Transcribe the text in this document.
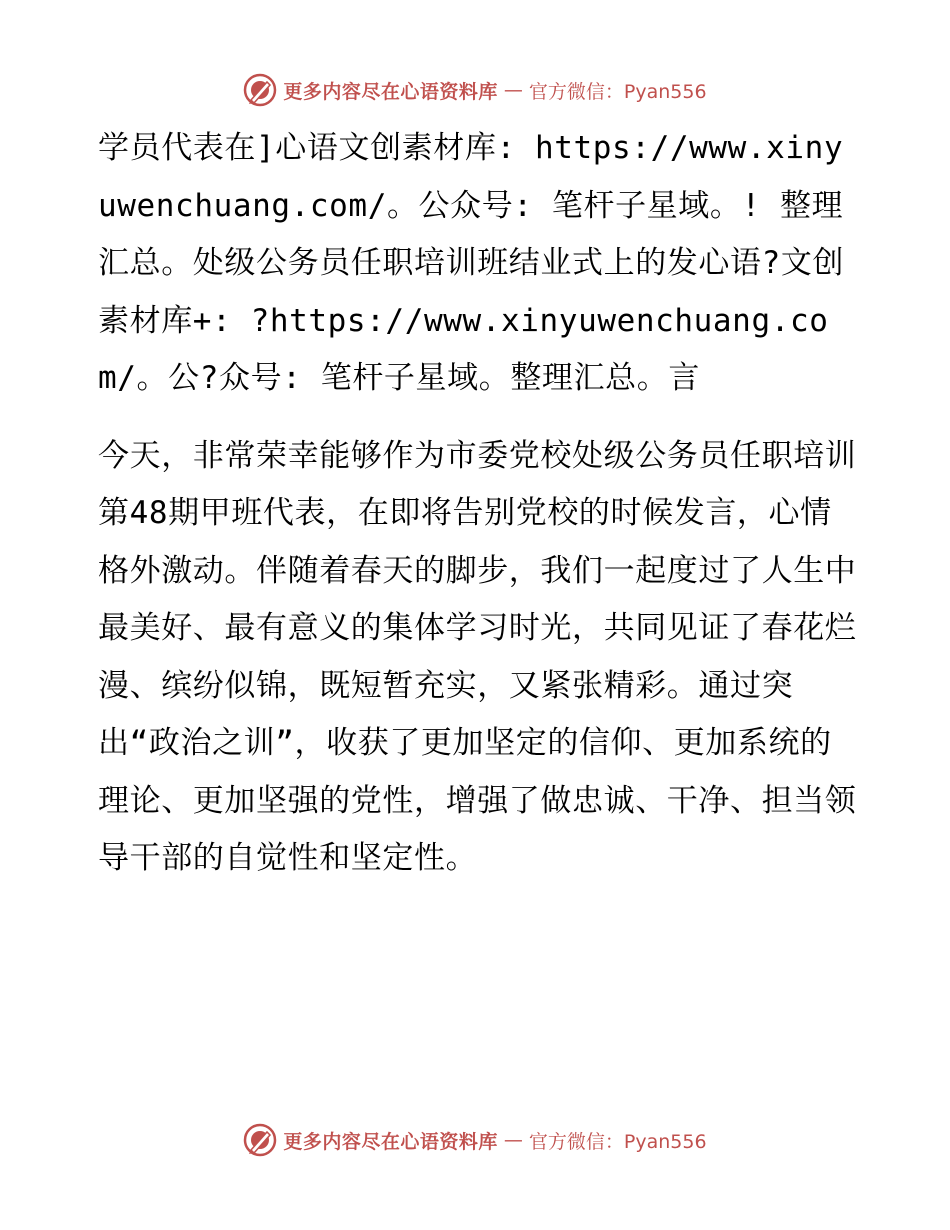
更多内容尽在心语资料库 — 官方微信：Pyan556

学员代表在]心语文创素材库: https://www.xinyuwenchuang.com/。公众号: 笔杆子星域。! 整理汇总。处级公务员任职培训班结业式上的发心语?文创素材库+: ?https://www.xinyuwenchuang.com/。公?众号: 笔杆子星域。整理汇总。言

今天，非常荣幸能够作为市委党校处级公务员任职培训第48期甲班代表，在即将告别党校的时候发言，心情格外激动。伴随着春天的脚步，我们一起度过了人生中最美好、最有意义的集体学习时光，共同见证了春花烂漫、缤纷似锦，既短暂充实，又紧张精彩。通过突出“政治之训”，收获了更加坚定的信仰、更加系统的理论、更加坚强的党性，增强了做忠诚、干净、担当领导干部的自觉性和坚定性。

更多内容尽在心语资料库 — 官方微信：Pyan556
